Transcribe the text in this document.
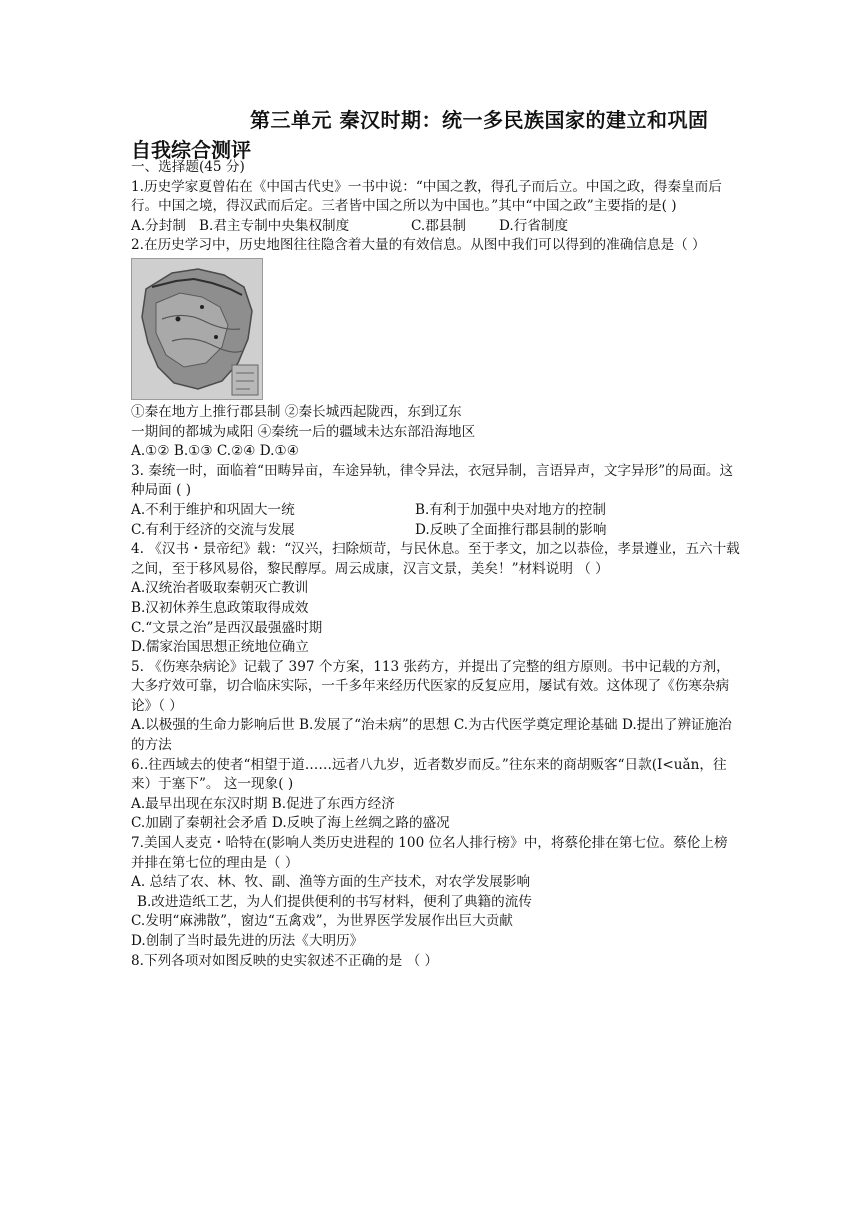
第三单元 秦汉时期：统一多民族国家的建立和巩固
自我综合测评

一、选择题(45 分)

1.历史学家夏曾佑在《中国古代史》一书中说：“中国之教，得孔子而后立。中国之政，得秦皇而后行。中国之境，得汉武而后定。三者皆中国之所以为中国也。”其中“中国之政”主要指的是( )

A.分封制 B.君主专制中央集权制度	C.郡县制	D.行省制度

2.在历史学习中，历史地图往往隐含着大量的有效信息。从图中我们可以得到的准确信息是（ ）

①秦在地方上推行郡县制 ②秦长城西起陇西，东到辽东

一期间的都城为咸阳 ④秦统一后的疆域未达东部沿海地区

A.①② B.①③ C.②④ D.①④

3. 秦统一时，面临着“田畴异亩，车途异轨，律令异法，衣冠异制，言语异声，文字异形”的局面。这种局面 ( )

A.不利于维护和巩固大一统	B.有利于加强中央对地方的控制
C.有利于经济的交流与发展	D.反映了全面推行郡县制的影响

4. 《汉书・景帝纪》载：“汉兴，扫除烦苛，与民休息。至于孝文，加之以恭俭，孝景遵业，五六十载之间，至于移风易俗，黎民醇厚。周云成康，汉言文景，美矣！”材料说明 （ ）

A.汉统治者吸取秦朝灭亡教训

B.汉初休养生息政策取得成效

C.“文景之治”是西汉最强盛时期

D.儒家治国思想正统地位确立

5. 《伤寒杂病论》记载了 397 个方案，113 张药方，并提出了完整的组方原则。书中记载的方剂，大多疗效可靠，切合临床实际，一千多年来经历代医家的反复应用，屡试有效。这体现了《伤寒杂病论》（ ）

A.以极强的生命力影响后世 B.发展了“治未病”的思想 C.为古代医学奠定理论基础 D.提出了辨证施治的方法

6..往西域去的使者“相望于道……远者八九岁，近者数岁而反。”往东来的商胡贩客“日款(I<uǎn，往来）于塞下”。 这一现象( )

A.最早出现在东汉时期 B.促进了东西方经济

C.加剧了秦朝社会矛盾 D.反映了海上丝绸之路的盛况

7.美国人麦克・哈特在(影响人类历史进程的 100 位名人排行榜》中，将蔡伦排在第七位。蔡伦上榜并排在第七位的理由是（ ）

A. 总结了农、林、牧、副、渔等方面的生产技术，对农学发展影响

B.改进造纸工艺，为人们提供便利的书写材料，便利了典籍的流传

C.发明“麻沸散”，窗边“五禽戏”，为世界医学发展作出巨大贡献

D.创制了当时最先进的历法《大明历》

8.下列各项对如图反映的史实叙述不正确的是 （ ）
